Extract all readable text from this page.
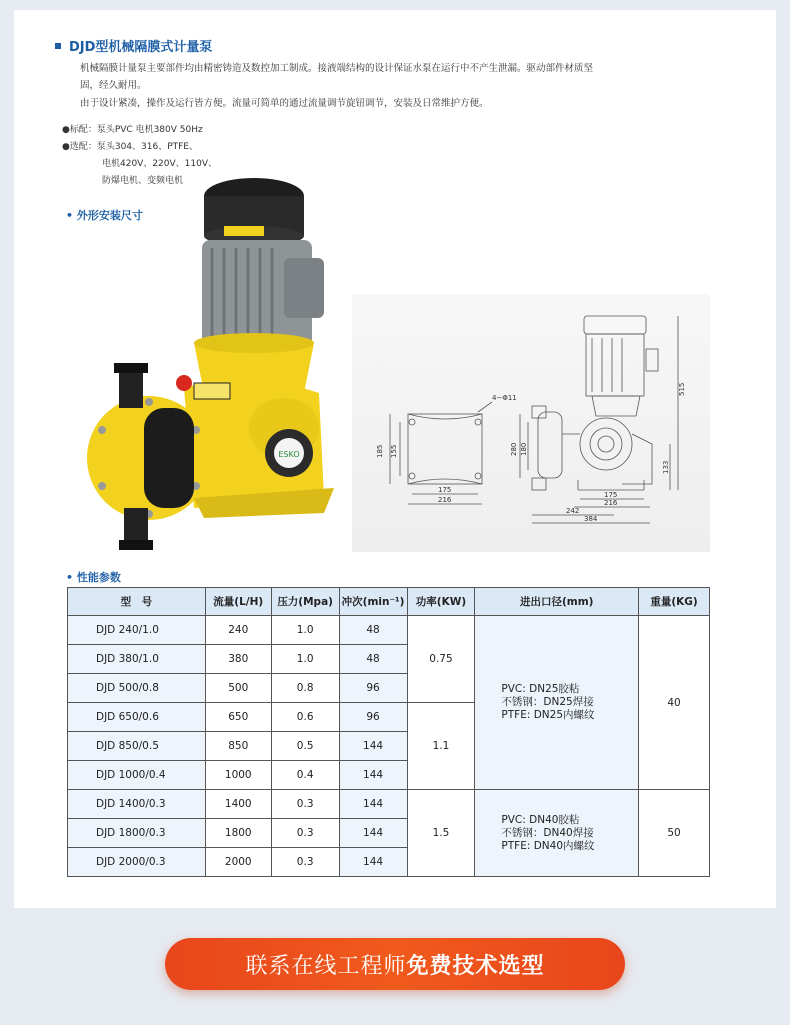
DJD型机械隔膜式计量泵
机械隔膜计量泵主要部件均由精密铸造及数控加工制成。接液端结构的设计保证水泵在运行中不产生泄漏。驱动部件材质坚
固，经久耐用。
由于设计紧凑，操作及运行皆方便。流量可简单的通过流量调节旋钮调节，安装及日常维护方便。
●标配：泵头PVC 电机380V 50Hz
●选配：泵头304、316、PTFE、
电机420V、220V、110V、
防爆电机、变频电机
• 外形安装尺寸
ESKO
4−Φ11
185 155
175
216
280 180
515
133
175
216
242
384
• 性能参数
型　号	流量(L/H)	压力(Mpa)	冲次(min⁻¹)	功率(KW)	进出口径(mm)	重量(KG)
DJD 240/1.0	240	1.0	48	0.75	PVC: DN25胶粘
不锈钢：DN25焊接
PTFE: DN25内螺纹	40
DJD 380/1.0	380	1.0	48			
DJD 500/0.8	500	0.8	96			
DJD 650/0.6	650	0.6	96	1.1		
DJD 850/0.5	850	0.5	144			
DJD 1000/0.4	1000	0.4	144			
DJD 1400/0.3	1400	0.3	144	1.5	PVC: DN40胶粘
不锈钢：DN40焊接
PTFE: DN40内螺纹	50
DJD 1800/0.3	1800	0.3	144			
DJD 2000/0.3	2000	0.3	144			
联系在线工程师 免费技术选型
